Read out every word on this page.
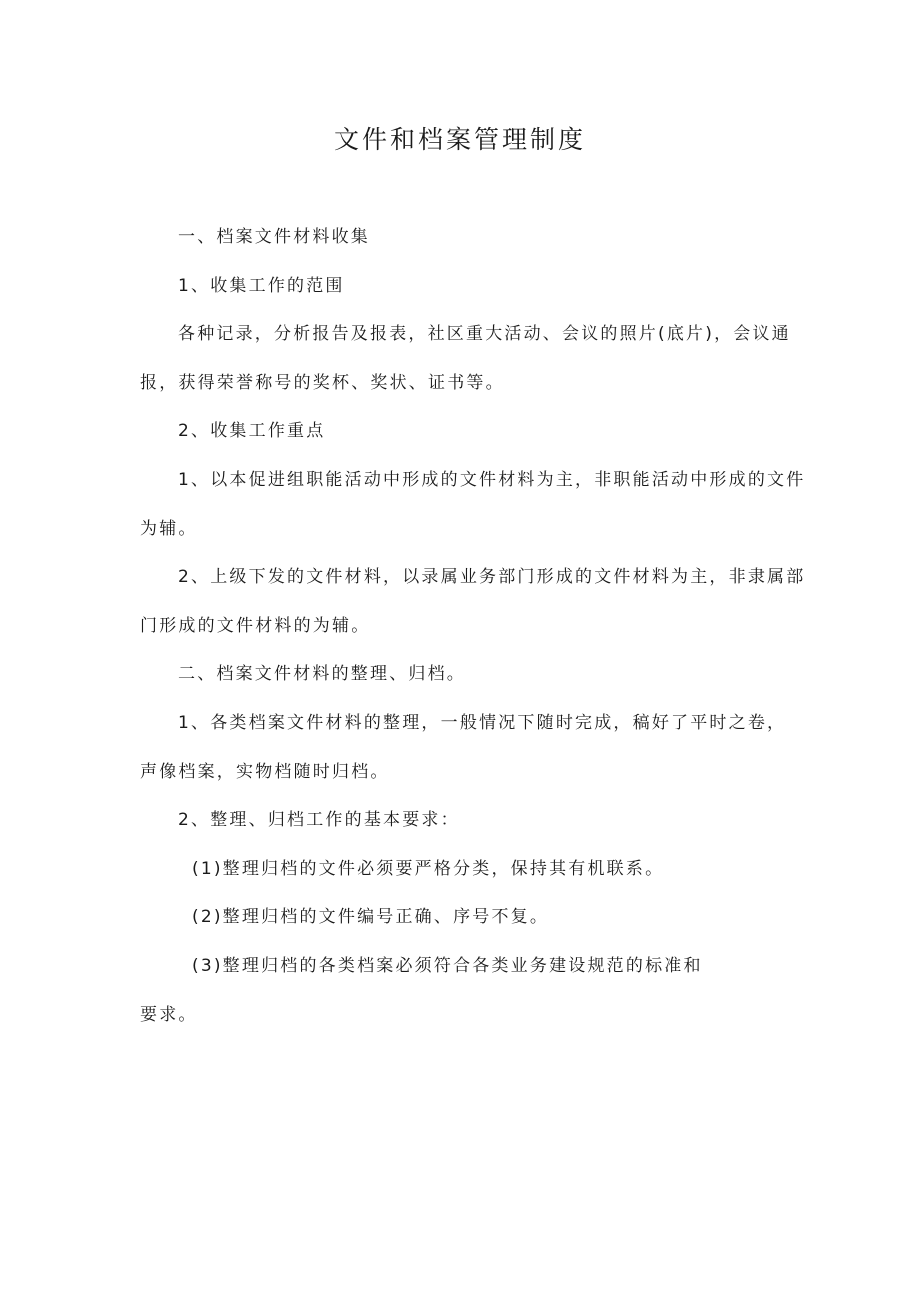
文件和档案管理制度

一、档案文件材料收集

1、收集工作的范围

各种记录，分析报告及报表，社区重大活动、会议的照片(底片)，会议通

报，获得荣誉称号的奖杯、奖状、证书等。

2、收集工作重点

1、以本促进组职能活动中形成的文件材料为主，非职能活动中形成的文件

为辅。

2、上级下发的文件材料，以录属业务部门形成的文件材料为主，非隶属部

门形成的文件材料的为辅。

二、档案文件材料的整理、归档。

1、各类档案文件材料的整理，一般情况下随时完成，稿好了平时之卷，

声像档案，实物档随时归档。

2、整理、归档工作的基本要求：

(1)整理归档的文件必须要严格分类，保持其有机联系。

(2)整理归档的文件编号正确、序号不复。

(3)整理归档的各类档案必须符合各类业务建设规范的标准和

要求。
